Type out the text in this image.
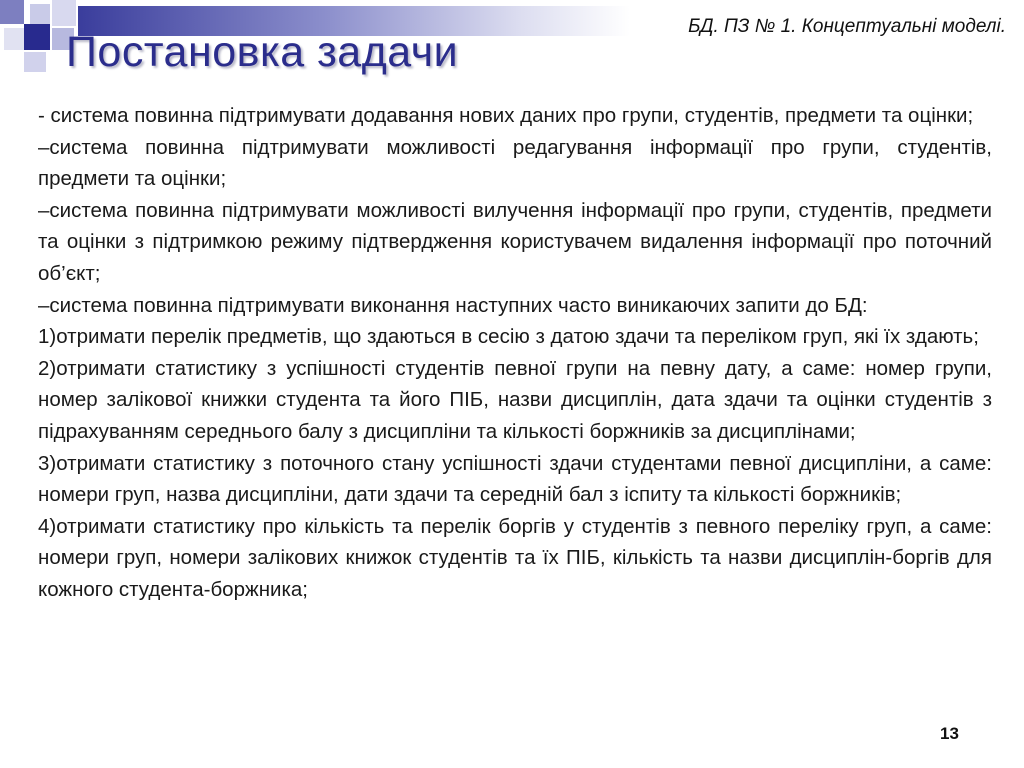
БД. ПЗ № 1. Концептуальні моделі.
Постановка задачи

- система повинна підтримувати додавання нових даних про групи, студентів, предмети та оцінки;

–система повинна підтримувати можливості редагування інформації про групи, студентів, предмети та оцінки;

–система повинна підтримувати можливості вилучення інформації про групи, студентів, предмети та оцінки з підтримкою режиму підтвердження користувачем видалення інформації про поточний об’єкт;

–система повинна підтримувати виконання наступних часто виникаючих запити до БД:

1)отримати перелік предметів, що здаються в сесію з датою здачи та переліком груп, які їх здають;

2)отримати статистику з успішності студентів певної групи на певну дату, а саме: номер групи, номер залікової книжки студента та його ПІБ, назви дисциплін, дата здачи та оцінки студентів з підрахуванням середнього балу з дисципліни та кількості боржників за дисциплінами;

3)отримати статистику з поточного стану успішності здачи студентами певної дисципліни, а саме: номери груп, назва дисципліни, дати здачи та середній бал з іспиту та кількості боржників;

4)отримати статистику про кількість та перелік боргів у студентів з певного переліку груп, а саме: номери груп, номери залікових книжок студентів та їх ПІБ, кількість та назви дисциплін-боргів для кожного студента-боржника;

13
